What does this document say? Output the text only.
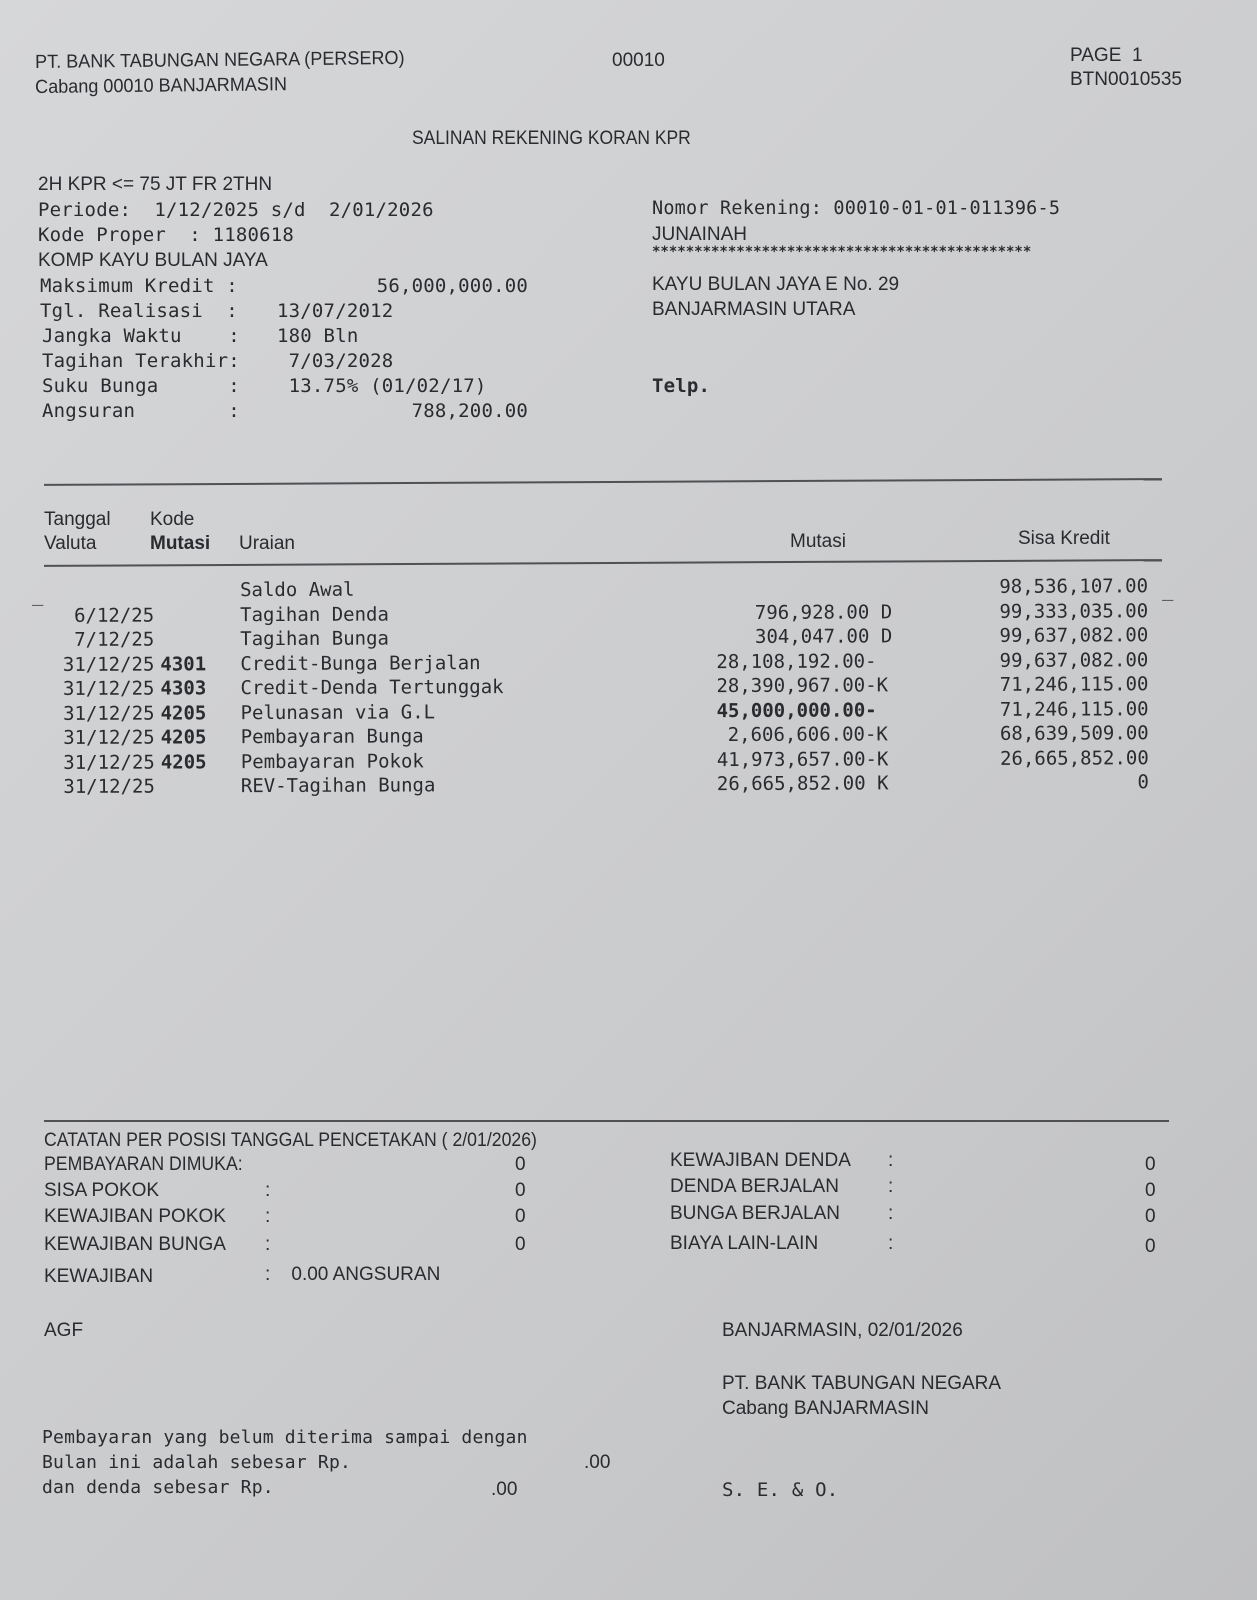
PT. BANK TABUNGAN NEGARA (PERSERO)
Cabang 00010 BANJARMASIN
00010	PAGE  1
BTN0010535
SALINAN REKENING KORAN KPR
2H KPR <= 75 JT FR 2THN
Periode:  1/12/2025 s/d  2/01/2026
Kode Proper  : 1180618
KOMP KAYU BULAN JAYA
Maksimum Kredit :	56,000,000.00
Tgl. Realisasi  : 13/07/2012
Jangka Waktu    : 180 Bln
Tagihan Terakhir: 7/03/2028
Suku Bunga      : 13.75% (01/02/17)
Angsuran        :	788,200.00
Nomor Rekening: 00010-01-01-011396-5
JUNAINAH
*********************************************
KAYU BULAN JAYA E No. 29
BANJARMASIN UTARA
Telp.
Tanggal Kode
Valuta	Mutasi Uraian	Mutasi	Sisa Kredit
_	_
		Saldo Awal		98,536,107.00
6/12/25		Tagihan Denda	796,928.00 D	99,333,035.00
7/12/25		Tagihan Bunga	304,047.00 D	99,637,082.00
31/12/25	4301	Credit-Bunga Berjalan	28,108,192.00-	99,637,082.00
31/12/25	4303	Credit-Denda Tertunggak	28,390,967.00-K	71,246,115.00
31/12/25	4205	Pelunasan via G.L	45,000,000.00-	71,246,115.00
31/12/25	4205	Pembayaran Bunga	2,606,606.00-K	68,639,509.00
31/12/25	4205	Pembayaran Pokok	41,973,657.00-K	26,665,852.00
31/12/25		REV-Tagihan Bunga	26,665,852.00 K	0
CATATAN PER POSISI TANGGAL PENCETAKAN ( 2/01/2026)
PEMBAYARAN DIMUKA:	0
SISA POKOK	:	0
KEWAJIBAN POKOK :	0
KEWAJIBAN BUNGA :	0
KEWAJIBAN DENDA :	0
DENDA BERJALAN	:	0
BUNGA BERJALAN	:	0
BIAYA LAIN-LAIN	:	0
KEWAJIBAN	:    0.00 ANGSURAN
AGF	BANJARMASIN, 02/01/2026
PT. BANK TABUNGAN NEGARA
Cabang BANJARMASIN
Pembayaran yang belum diterima sampai dengan
Bulan ini adalah sebesar Rp.	.00
dan denda sebesar Rp.	.00	S. E. & O.
